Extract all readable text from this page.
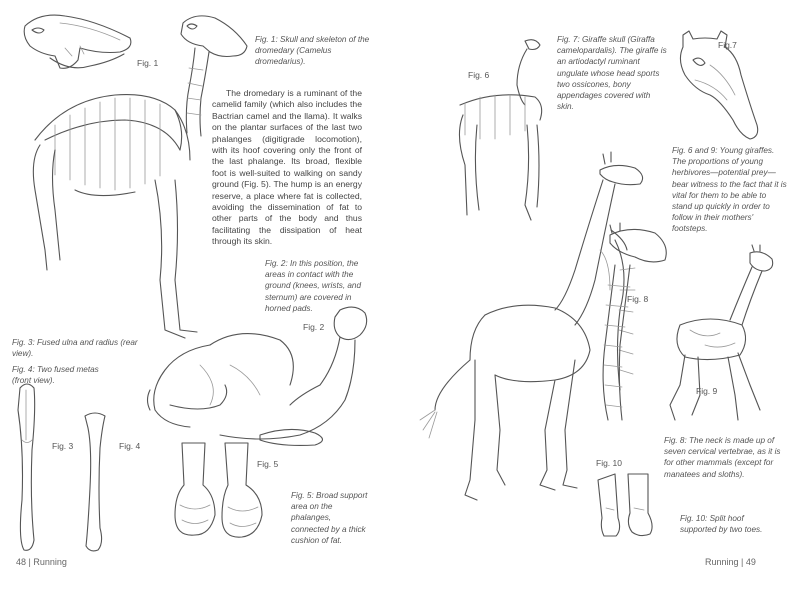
Fig. 1
Fig. 1: Skull and skeleton of the dromedary (Camelus dromedarius).
The dromedary is a ruminant of the camelid family (which also includes the Bactrian camel and the llama). It walks on the plantar surfaces of the last two phalanges (digitigrade locomotion), with its hoof covering only the front of the last phalange. Its broad, flexible foot is well-suited to walking on sandy ground (Fig. 5). The hump is an energy reserve, a place where fat is collected, avoiding the dissemination of fat to other parts of the body and thus facilitating the dissipation of heat through its skin.
Fig. 2: In this position, the areas in contact with the ground (knees, wrists, and sternum) are covered in horned pads.
Fig. 2
Fig. 3: Fused ulna and radius (rear view).
Fig. 4: Two fused metas (front view).
Fig. 3	Fig. 4
Fig. 5
Fig. 5: Broad support area on the phalanges, connected by a thick cushion of fat.
48 | Running
Fig. 7: Giraffe skull (Giraffa camelopardalis). The giraffe is an artiodactyl ruminant ungulate whose head sports two ossicones, bony appendages covered with skin.
Fig.7
Fig. 6
Fig. 6 and 9: Young giraffes. The proportions of young herbivores—potential prey—bear witness to the fact that it is vital for them to be able to stand up quickly in order to follow in their mothers' footsteps.
Fig. 8
Fig. 9
Fig. 8: The neck is made up of seven cervical vertebrae, as it is for other mammals (except for manatees and sloths).
Fig. 10
Fig. 10: Split hoof supported by two toes.
Running | 49
